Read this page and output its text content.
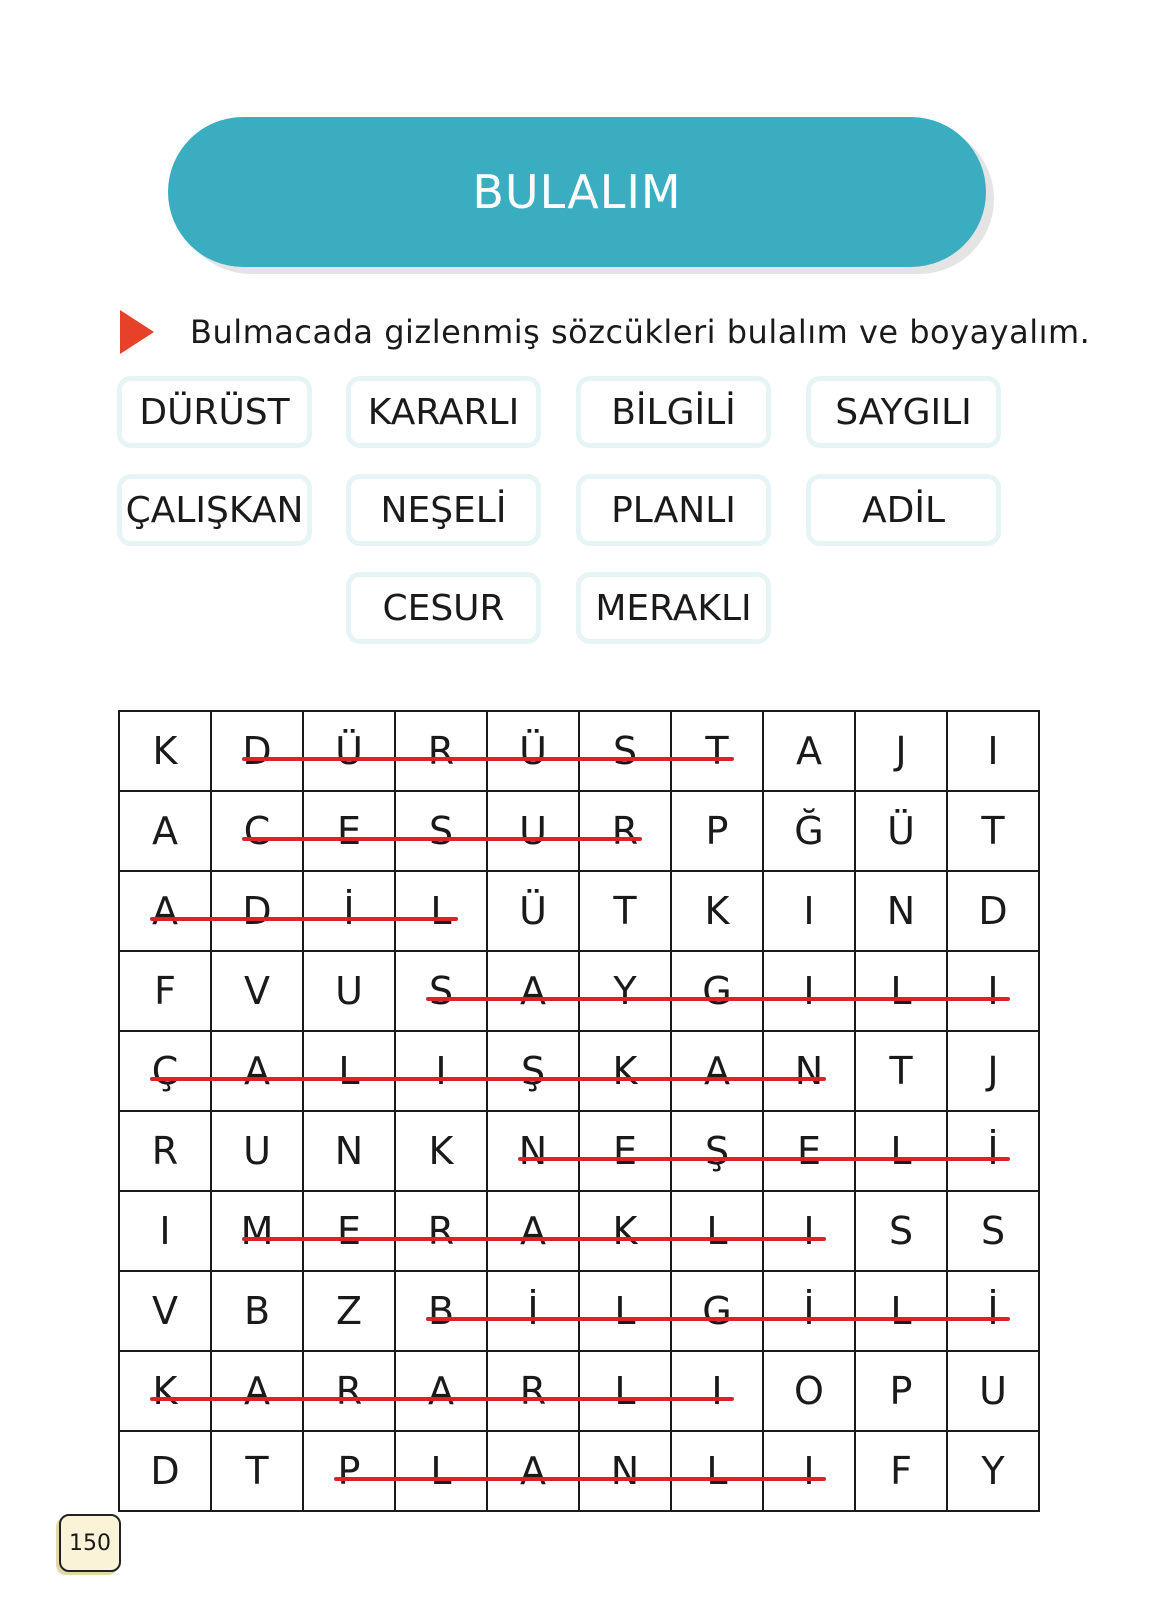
BULALIM
Bulmacada gizlenmiş sözcükleri bulalım ve boyayalım.
DÜRÜST KARARLI	BİLGİLİ	SAYGILI
ÇALIŞKAN NEŞELİ	PLANLI	ADİL
CESUR	MERAKLI
K	D	Ü	R	Ü	S	T	A	J	I
A	C	E	S	U	R	P	Ğ	Ü	T
A	D	İ	L	Ü	T	K	I	N	D
F	V	U	S	A	Y	G	I	L	I
Ç	A	L	I	Ş	K	A	N	T	J
R	U	N	K	N	E	Ş	E	L	İ
I	M	E	R	A	K	L	I	S	S
V	B	Z	B	İ	L	G	İ	L	İ
K	A	R	A	R	L	I	O	P	U
D	T	P	L	A	N	L	I	F	Y
150
